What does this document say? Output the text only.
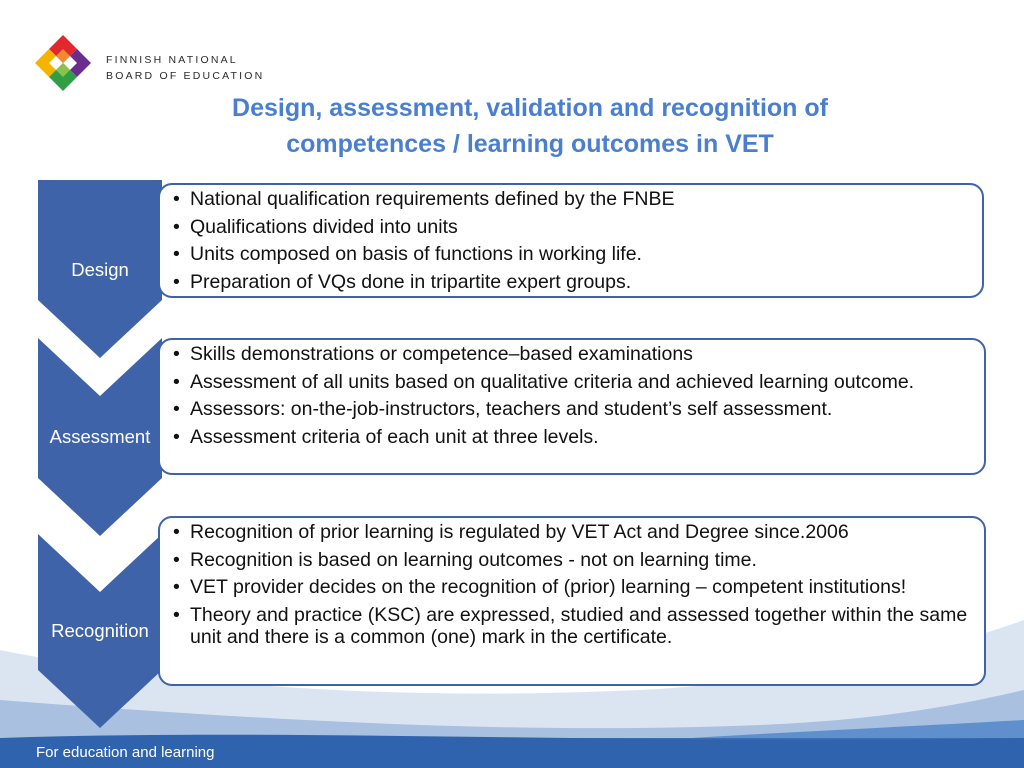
FINNISH NATIONAL
BOARD OF EDUCATION
Design, assessment, validation and recognition of
competences / learning outcomes in VET
Design
Assessment
Recognition
• National qualification requirements defined by the FNBE
• Qualifications divided into units
• Units composed on basis of functions in working life.
• Preparation of VQs done in tripartite expert groups.
• Skills demonstrations or competence–based examinations
• Assessment of all units based on qualitative criteria and achieved learning outcome.
• Assessors: on-the-job-instructors, teachers and student’s self assessment.
• Assessment criteria of each unit at three levels.
• Recognition of prior learning is regulated by VET Act and Degree since.2006
• Recognition is based on learning outcomes - not on learning time.
• VET provider decides on the recognition of (prior) learning – competent institutions!
• Theory and practice (KSC) are expressed, studied and assessed together within the same unit and there is a common (one) mark in the certificate.
For education and learning
